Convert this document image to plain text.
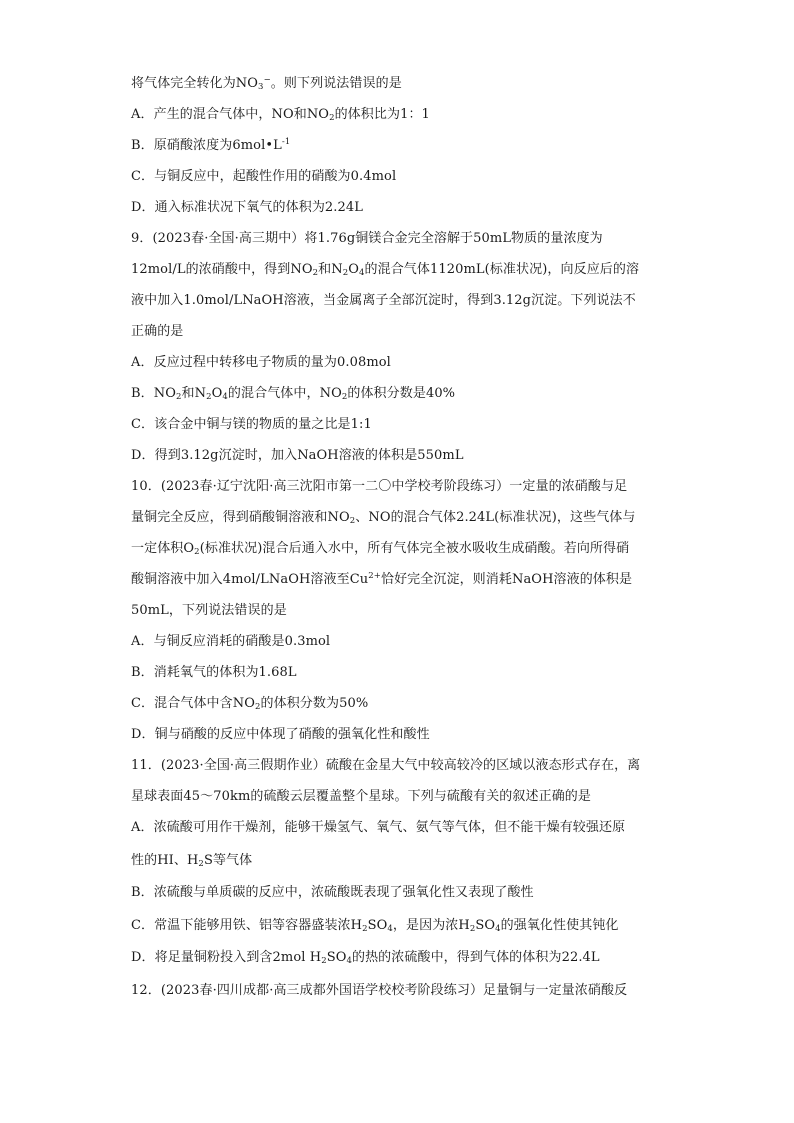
将气体完全转化为$NO_3^-$。则下列说法错误的是
A．产生的混合气体中，NO和$NO_2$的体积比为1：1
B．原硝酸浓度为$6mol•L^{-1}$
C．与铜反应中，起酸性作用的硝酸为0.4mol
D．通入标准状况下氧气的体积为2.24L
9．(2023春·全国·高三期中）将1.76g铜镁合金完全溶解于50mL物质的量浓度为
12mol/L的浓硝酸中，得到$NO_2$和$N_2O_4$的混合气体1120mL(标准状况)，向反应后的溶
液中加入1.0mol/LNaOH溶液，当金属离子全部沉淀时，得到3.12g沉淀。下列说法不
正确的是
A．反应过程中转移电子物质的量为0.08mol
B．$NO_2$和$N_2O_4$的混合气体中，$NO_2$的体积分数是40%
C．该合金中铜与镁的物质的量之比是1:1
D．得到3.12g沉淀时，加入NaOH溶液的体积是550mL
10．(2023春·辽宁沈阳·高三沈阳市第一二〇中学校考阶段练习）一定量的浓硝酸与足
量铜完全反应，得到硝酸铜溶液和$NO_2$、NO的混合气体2.24L(标准状况)，这些气体与
一定体积$O_2$(标准状况)混合后通入水中，所有气体完全被水吸收生成硝酸。若向所得硝
酸铜溶液中加入4mol/LNaOH溶液至$Cu^{2+}$恰好完全沉淀，则消耗NaOH溶液的体积是
50mL，下列说法错误的是
A．与铜反应消耗的硝酸是0.3mol
B．消耗氧气的体积为1.68L
C．混合气体中含$NO_2$的体积分数为50%
D．铜与硝酸的反应中体现了硝酸的强氧化性和酸性
11．(2023·全国·高三假期作业）硫酸在金星大气中较高较冷的区域以液态形式存在，离
星球表面45～70km的硫酸云层覆盖整个星球。下列与硫酸有关的叙述正确的是
A．浓硫酸可用作干燥剂，能够干燥氢气、氧气、氨气等气体，但不能干燥有较强还原
性的HI、$H_2S$等气体
B．浓硫酸与单质碳的反应中，浓硫酸既表现了强氧化性又表现了酸性
C．常温下能够用铁、铝等容器盛装浓$H_2SO_4$，是因为浓$H_2SO_4$的强氧化性使其钝化
D．将足量铜粉投入到含2mol $H_2SO_4$的热的浓硫酸中，得到气体的体积为22.4L
12．(2023春·四川成都·高三成都外国语学校校考阶段练习）足量铜与一定量浓硝酸反
